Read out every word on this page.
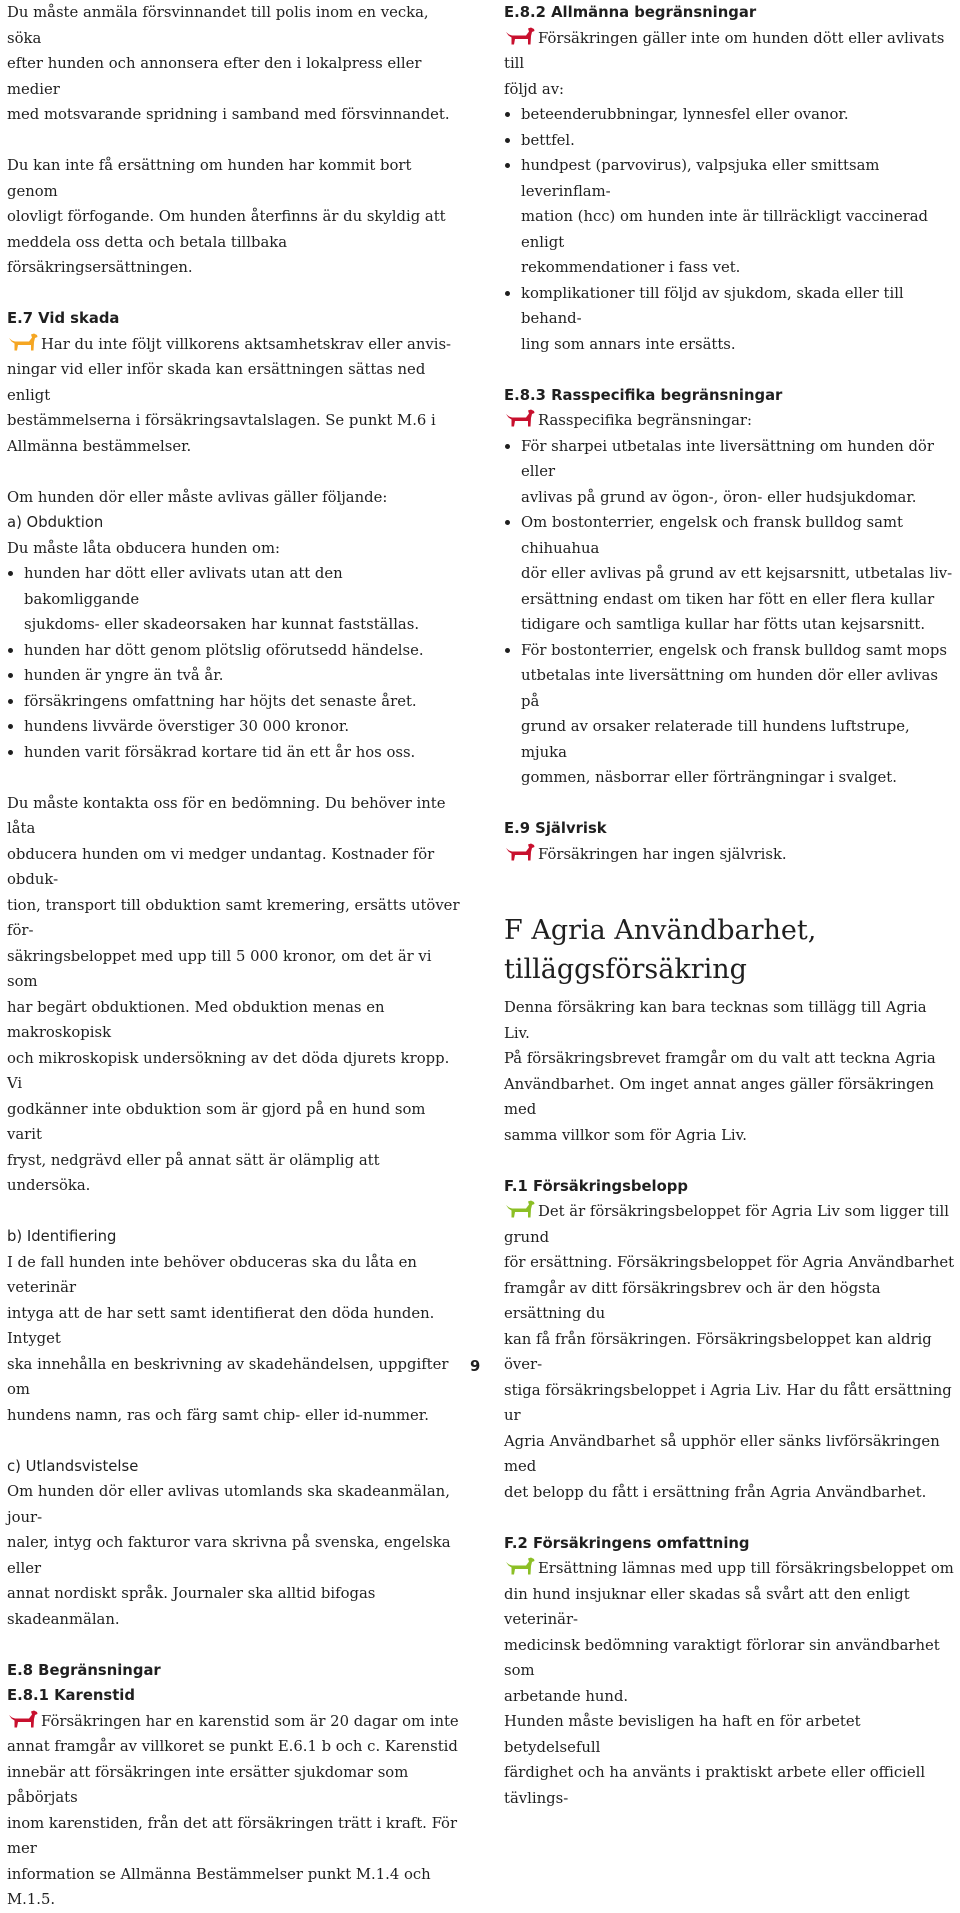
Du måste anmäla försvinnandet till polis inom en vecka, söka
efter hunden och annonsera efter den i lokalpress eller medier
med motsvarande spridning i samband med försvinnandet.

Du kan inte få ersättning om hunden har kommit bort genom
olovligt förfogande. Om hunden återfinns är du skyldig att
meddela oss detta och betala tillbaka försäkringsersättningen.

E.7 Vid skada

Har du inte följt villkorens aktsamhetskrav eller anvis-
ningar vid eller inför skada kan ersättningen sättas ned enligt
bestämmelserna i försäkringsavtalslagen. Se punkt M.6 i
Allmänna bestämmelser.

Om hunden dör eller måste avlivas gäller följande:

a) Obduktion

Du måste låta obducera hunden om:

hunden har dött eller avlivats utan att den bakomliggande
sjukdoms- eller skadeorsaken har kunnat fastställas.
hunden har dött genom plötslig oförutsedd händelse.
hunden är yngre än två år.
försäkringens omfattning har höjts det senaste året.
hundens livvärde överstiger 30 000 kronor.
hunden varit försäkrad kortare tid än ett år hos oss.

Du måste kontakta oss för en bedömning. Du behöver inte låta
obducera hunden om vi medger undantag. Kostnader för obduk-
tion, transport till obduktion samt kremering, ersätts utöver för-
säkringsbeloppet med upp till 5 000 kronor, om det är vi som
har begärt obduktionen. Med obduktion menas en makroskopisk
och mikroskopisk undersökning av det döda djurets kropp. Vi
godkänner inte obduktion som är gjord på en hund som varit
fryst, nedgrävd eller på annat sätt är olämplig att undersöka.

b) Identifiering

I de fall hunden inte behöver obduceras ska du låta en veterinär
intyga att de har sett samt identifierat den döda hunden. Intyget
ska innehålla en beskrivning av skadehändelsen, uppgifter om
hundens namn, ras och färg samt chip- eller id-nummer.

c) Utlandsvistelse

Om hunden dör eller avlivas utomlands ska skadeanmälan, jour-
naler, intyg och fakturor vara skrivna på svenska, engelska eller
annat nordiskt språk. Journaler ska alltid bifogas skadeanmälan.

E.8 Begränsningar
E.8.1 Karenstid

Försäkringen har en karenstid som är 20 dagar om inte
annat framgår av villkoret se punkt E.6.1 b och c. Karenstid
innebär att försäkringen inte ersätter sjukdomar som påbörjats
inom karenstiden, från det att försäkringen trätt i kraft. För mer
information se Allmänna Bestämmelser punkt M.1.4 och M.1.5.

E.8.2 Allmänna begränsningar

Försäkringen gäller inte om hunden dött eller avlivats till
följd av:

beteenderubbningar, lynnesfel eller ovanor.
bettfel.
hundpest (parvovirus), valpsjuka eller smittsam leverinflam-
mation (hcc) om hunden inte är tillräckligt vaccinerad enligt
rekommendationer i fass vet.
komplikationer till följd av sjukdom, skada eller till behand-
ling som annars inte ersätts.
E.8.3 Rasspecifika begränsningar

Rasspecifika begränsningar:

För sharpei utbetalas inte liversättning om hunden dör eller
avlivas på grund av ögon-, öron- eller hudsjukdomar.
Om bostonterrier, engelsk och fransk bulldog samt chihuahua
dör eller avlivas på grund av ett kejsarsnitt, utbetalas liv-
ersättning endast om tiken har fött en eller flera kullar
tidigare och samtliga kullar har fötts utan kejsarsnitt.
För bostonterrier, engelsk och fransk bulldog samt mops
utbetalas inte liversättning om hunden dör eller avlivas på
grund av orsaker relaterade till hundens luftstrupe, mjuka
gommen, näsborrar eller förträngningar i svalget.
E.9 Självrisk

Försäkringen har ingen självrisk.

F Agria Användbarhet,
tilläggsförsäkring

Denna försäkring kan bara tecknas som tillägg till Agria Liv.
På försäkringsbrevet framgår om du valt att teckna Agria
Användbarhet. Om inget annat anges gäller försäkringen med
samma villkor som för Agria Liv.

F.1 Försäkringsbelopp

Det är försäkringsbeloppet för Agria Liv som ligger till grund
för ersättning. Försäkringsbeloppet för Agria Användbarhet
framgår av ditt försäkringsbrev och är den högsta ersättning du
kan få från försäkringen. Försäkringsbeloppet kan aldrig över-
stiga försäkringsbeloppet i Agria Liv. Har du fått ersättning ur
Agria Användbarhet så upphör eller sänks livförsäkringen med
det belopp du fått i ersättning från Agria Användbarhet.

F.2 Försäkringens omfattning

Ersättning lämnas med upp till försäkringsbeloppet om
din hund insjuknar eller skadas så svårt att den enligt veterinär-
medicinsk bedömning varaktigt förlorar sin användbarhet som
arbetande hund.

Hunden måste bevisligen ha haft en för arbetet betydelsefull
färdighet och ha använts i praktiskt arbete eller officiell tävlings-

9
